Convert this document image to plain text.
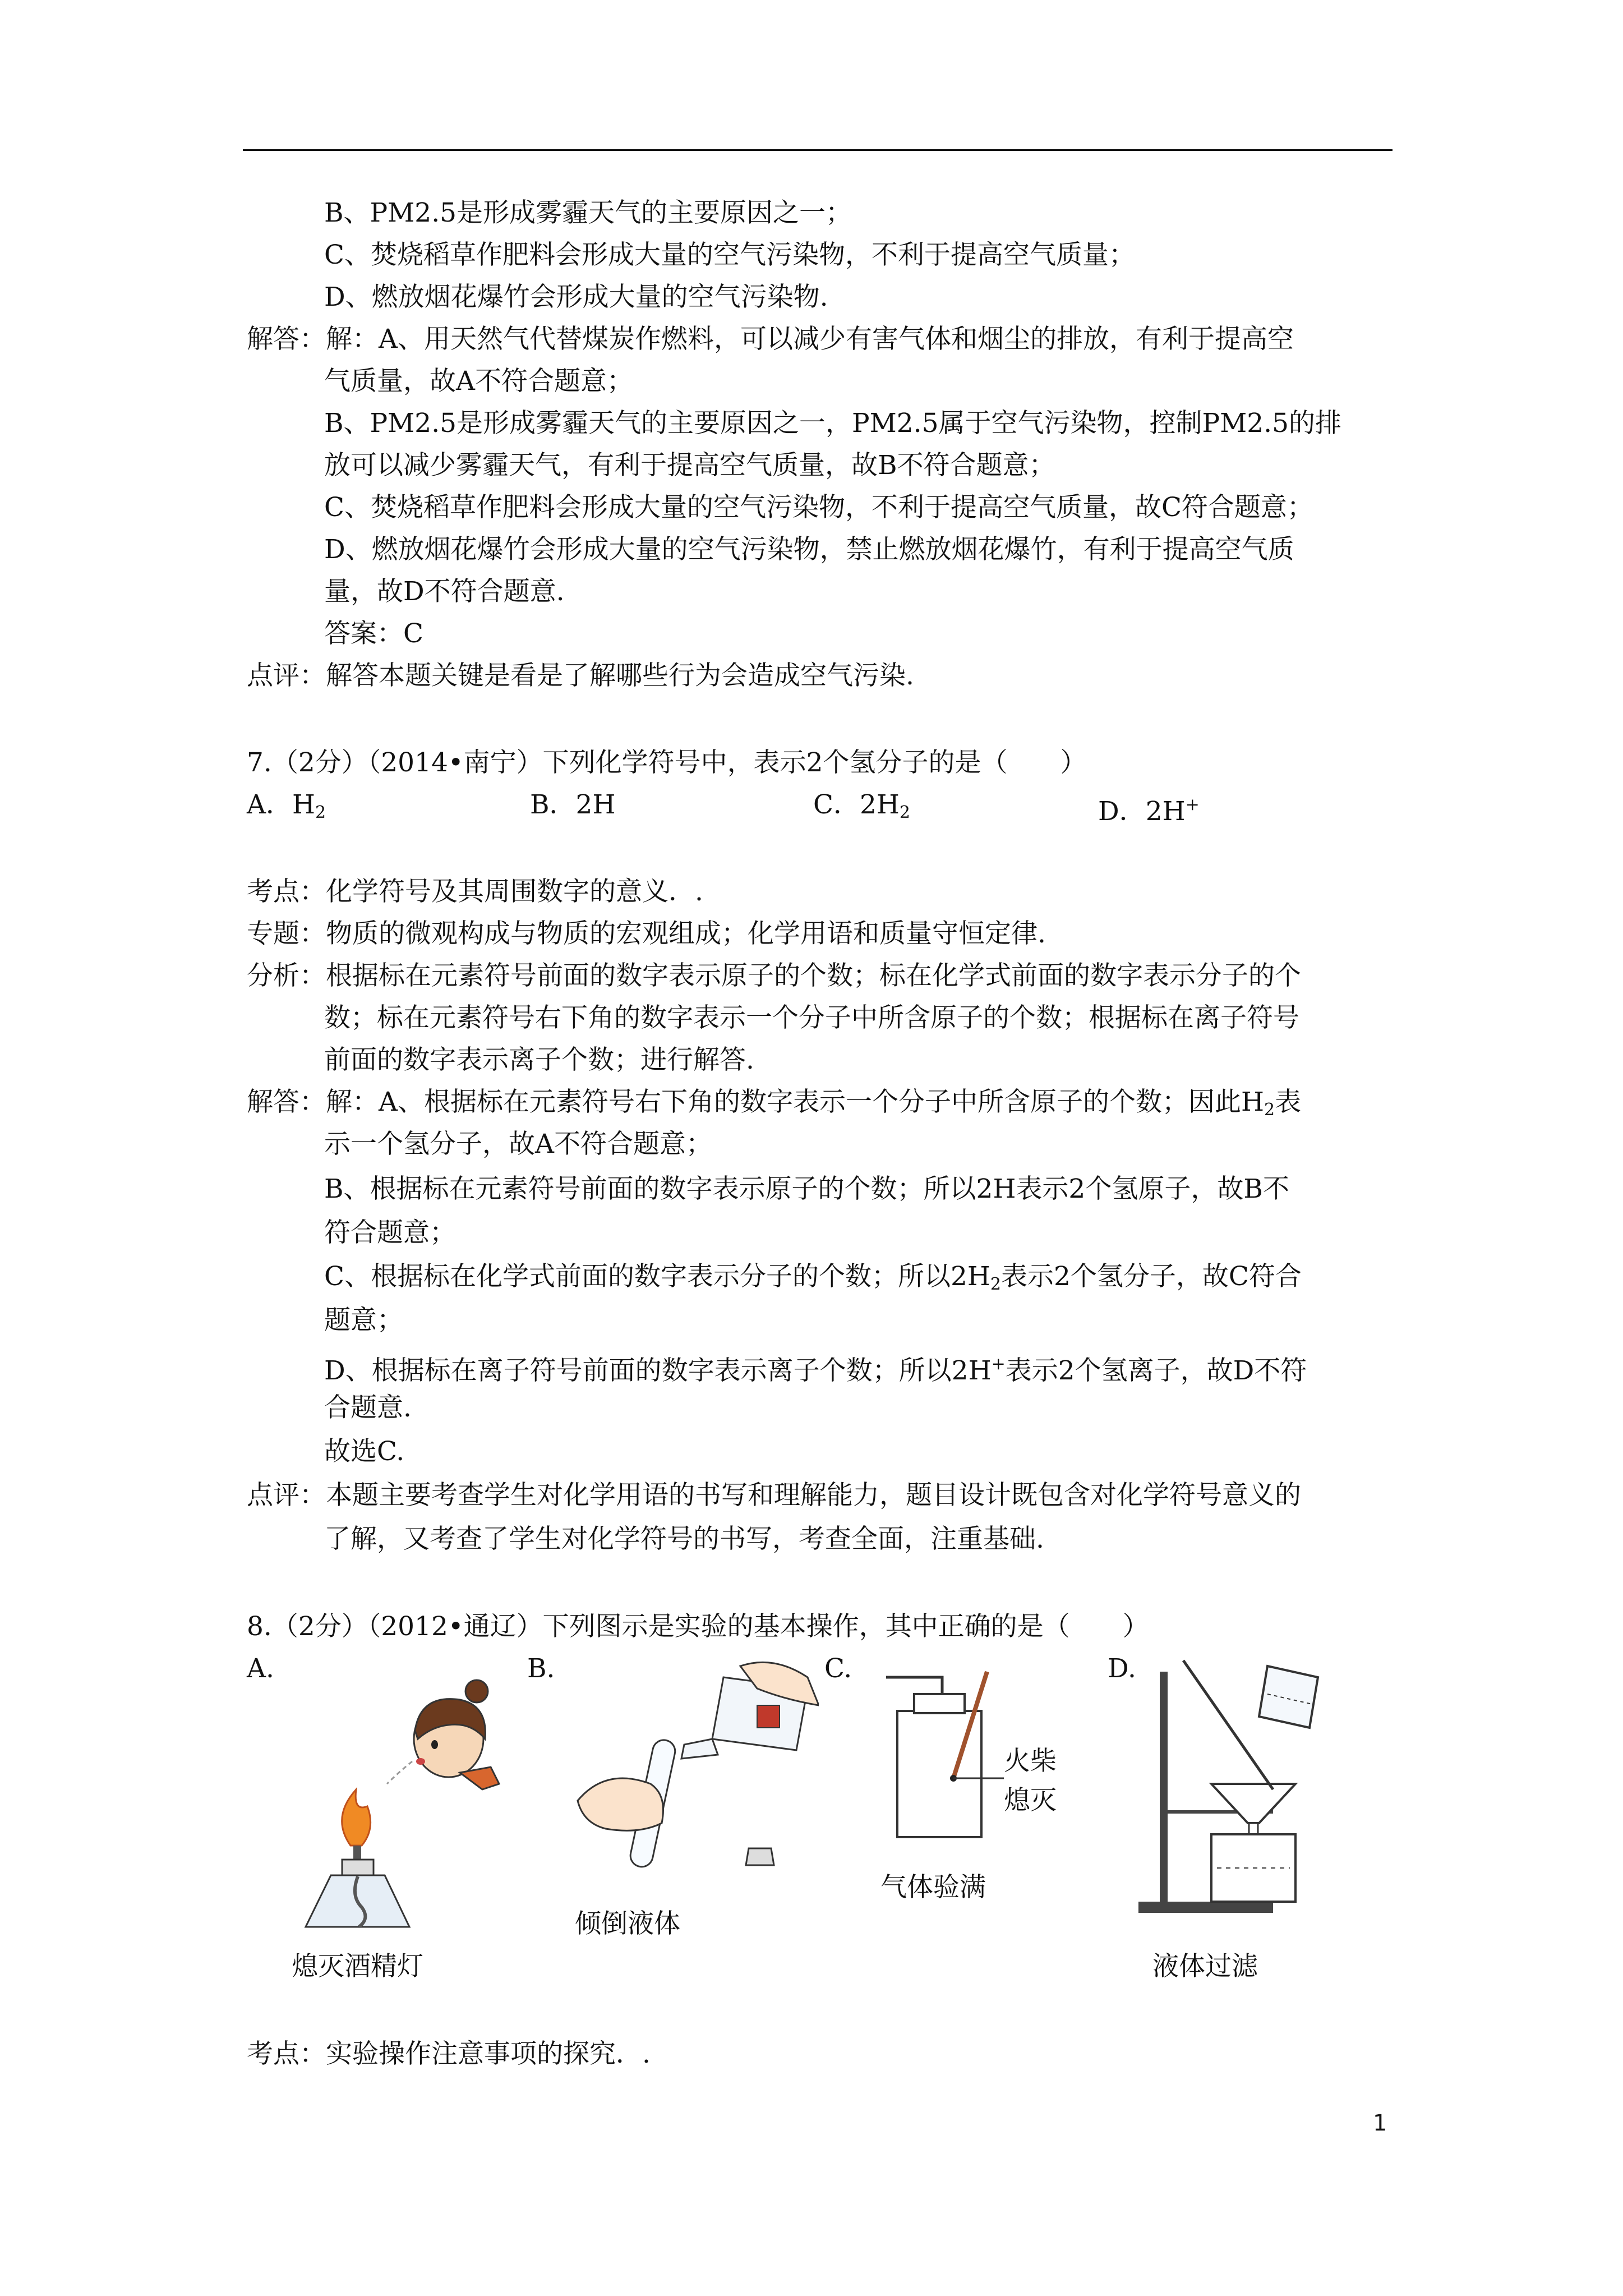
B、PM2.5是形成雾霾天气的主要原因之一；
C、焚烧稻草作肥料会形成大量的空气污染物，不利于提高空气质量；
D、燃放烟花爆竹会形成大量的空气污染物.
解答：解：A、用天然气代替煤炭作燃料，可以减少有害气体和烟尘的排放，有利于提高空
气质量，故A不符合题意；
B、PM2.5是形成雾霾天气的主要原因之一，PM2.5属于空气污染物，控制PM2.5的排
放可以减少雾霾天气，有利于提高空气质量，故B不符合题意；
C、焚烧稻草作肥料会形成大量的空气污染物，不利于提高空气质量，故C符合题意；
D、燃放烟花爆竹会形成大量的空气污染物，禁止燃放烟花爆竹，有利于提高空气质
量，故D不符合题意.
答案：C
点评：解答本题关键是看是了解哪些行为会造成空气污染.
7.（2分）（2014•南宁）下列化学符号中，表示2个氢分子的是（　　）
A．$H_2$	B．2H	C．$2H_2$	D．2H+
考点：化学符号及其周围数字的意义．.
专题：物质的微观构成与物质的宏观组成；化学用语和质量守恒定律.
分析：根据标在元素符号前面的数字表示原子的个数；标在化学式前面的数字表示分子的个
数；标在元素符号右下角的数字表示一个分子中所含原子的个数；根据标在离子符号
前面的数字表示离子个数；进行解答.
解答：解：A、根据标在元素符号右下角的数字表示一个分子中所含原子的个数；因此$H_2$表
示一个氢分子，故A不符合题意；
B、根据标在元素符号前面的数字表示原子的个数；所以2H表示2个氢原子，故B不
符合题意；
C、根据标在化学式前面的数字表示分子的个数；所以$2H_2$表示2个氢分子，故C符合
题意；
D、根据标在离子符号前面的数字表示离子个数；所以2H+表示2个氢离子，故D不符
合题意.
故选C.
点评：本题主要考查学生对化学用语的书写和理解能力，题目设计既包含对化学符号意义的
了解，又考查了学生对化学符号的书写，考查全面，注重基础.
8.（2分）（2012•通辽）下列图示是实验的基本操作，其中正确的是（　　）
A.	B.	C.	D.
熄灭酒精灯
倾倒液体
火柴
熄灭
气体验满
液体过滤
考点：实验操作注意事项的探究．.
1
